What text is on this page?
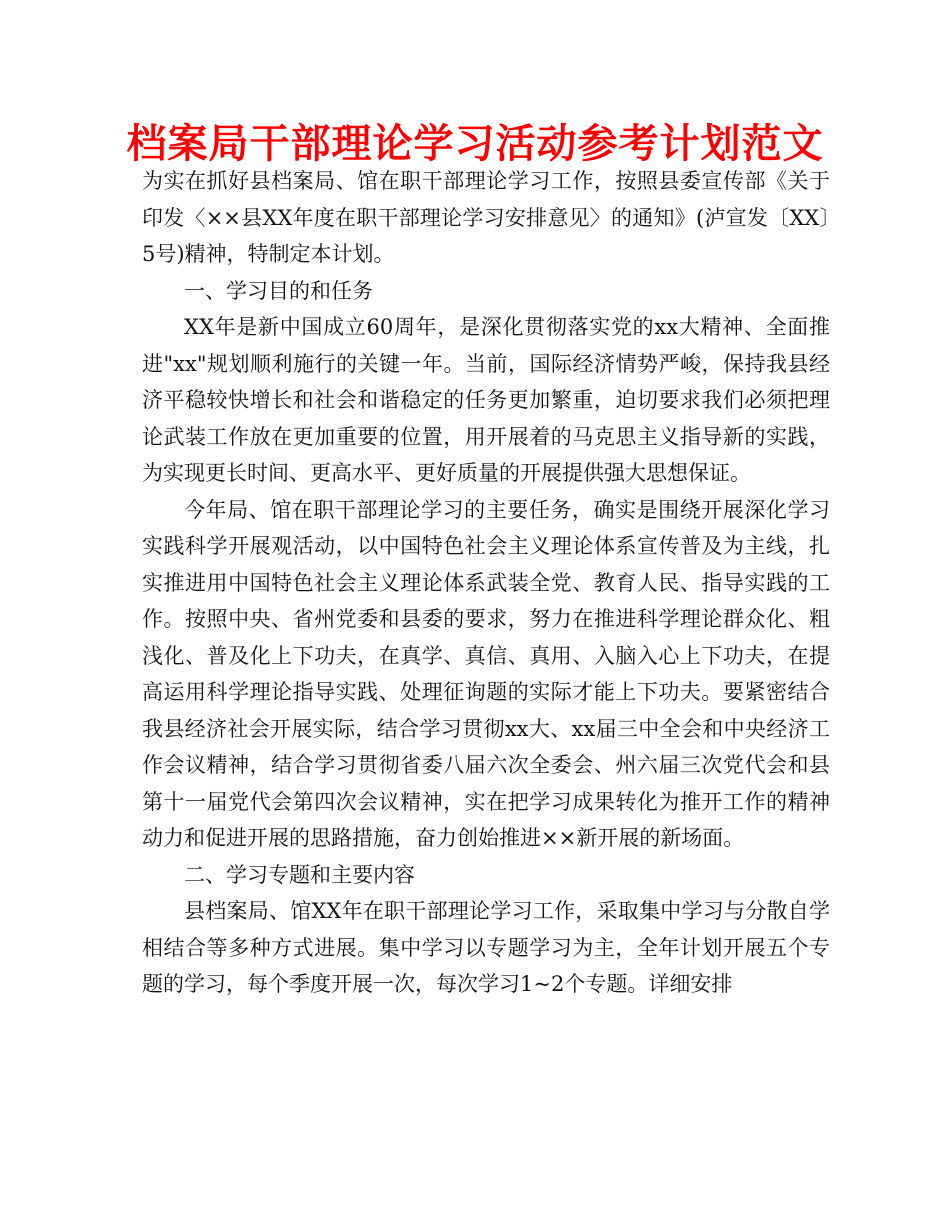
档案局干部理论学习活动参考计划范文

为实在抓好县档案局、馆在职干部理论学习工作，按照县委宣传部《关于印发〈××县XX年度在职干部理论学习安排意见〉的通知》(泸宣发〔XX〕5号)精神，特制定本计划。

一、学习目的和任务

XX年是新中国成立60周年，是深化贯彻落实党的xx大精神、全面推进"xx"规划顺利施行的关键一年。当前，国际经济情势严峻，保持我县经济平稳较快增长和社会和谐稳定的任务更加繁重，迫切要求我们必须把理论武装工作放在更加重要的位置，用开展着的马克思主义指导新的实践，为实现更长时间、更高水平、更好质量的开展提供强大思想保证。

今年局、馆在职干部理论学习的主要任务，确实是围绕开展深化学习实践科学开展观活动，以中国特色社会主义理论体系宣传普及为主线，扎实推进用中国特色社会主义理论体系武装全党、教育人民、指导实践的工作。按照中央、省州党委和县委的要求，努力在推进科学理论群众化、粗浅化、普及化上下功夫，在真学、真信、真用、入脑入心上下功夫，在提高运用科学理论指导实践、处理征询题的实际才能上下功夫。要紧密结合我县经济社会开展实际，结合学习贯彻xx大、xx届三中全会和中央经济工作会议精神，结合学习贯彻省委八届六次全委会、州六届三次党代会和县第十一届党代会第四次会议精神，实在把学习成果转化为推开工作的精神动力和促进开展的思路措施，奋力创始推进××新开展的新场面。

二、学习专题和主要内容

县档案局、馆XX年在职干部理论学习工作，采取集中学习与分散自学相结合等多种方式进展。集中学习以专题学习为主，全年计划开展五个专题的学习，每个季度开展一次，每次学习1~2个专题。详细安排
